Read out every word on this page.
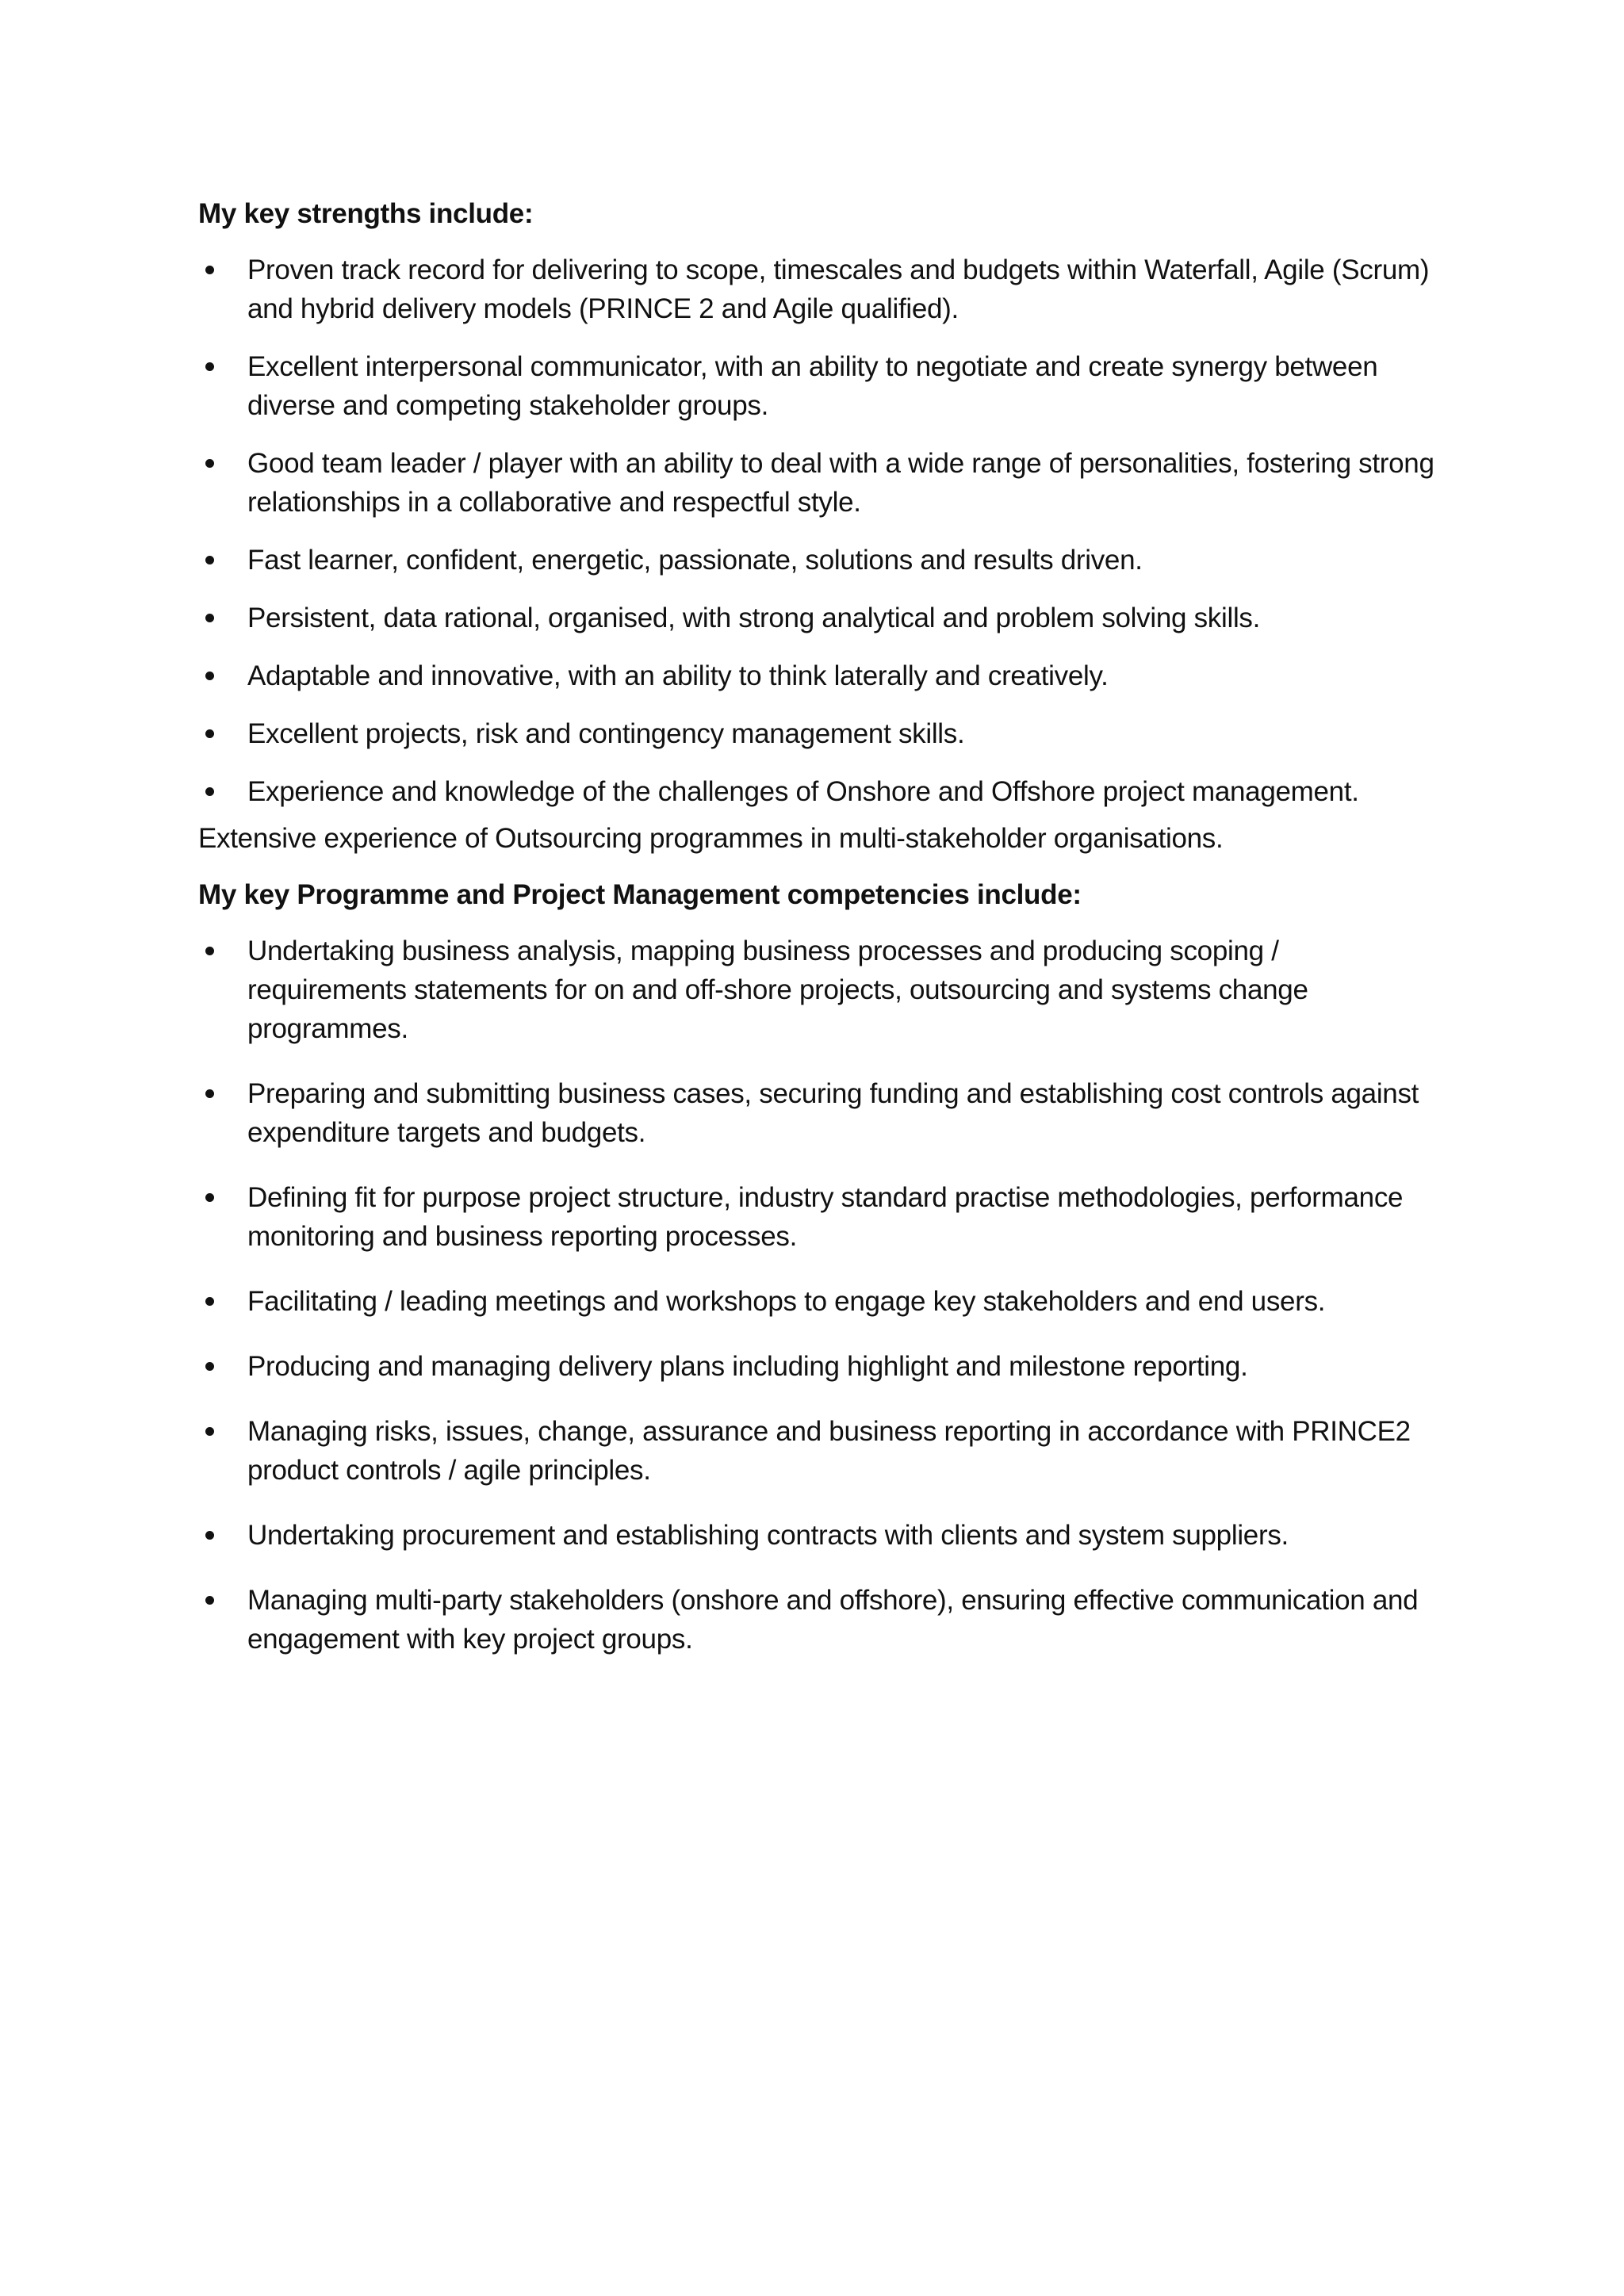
My key strengths include:
Proven track record for delivering to scope, timescales and budgets within Waterfall, Agile (Scrum) and hybrid delivery models (PRINCE 2 and Agile qualified).
Excellent interpersonal communicator, with an ability to negotiate and create synergy between diverse and competing stakeholder groups.
Good team leader / player with an ability to deal with a wide range of personalities, fostering strong relationships in a collaborative and respectful style.
Fast learner, confident, energetic, passionate, solutions and results driven.
Persistent, data rational, organised, with strong analytical and problem solving skills.
Adaptable and innovative, with an ability to think laterally and creatively.
Excellent projects, risk and contingency management skills.
Experience and knowledge of the challenges of Onshore and Offshore project management.
Extensive experience of Outsourcing programmes in multi-stakeholder organisations.
My key Programme and Project Management competencies include:
Undertaking business analysis, mapping business processes and producing scoping / requirements statements for on and off-shore projects, outsourcing and systems change programmes.
Preparing and submitting business cases, securing funding and establishing cost controls against expenditure targets and budgets.
Defining fit for purpose project structure, industry standard practise methodologies, performance monitoring and business reporting processes.
Facilitating / leading meetings and workshops to engage key stakeholders and end users.
Producing and managing delivery plans including highlight and milestone reporting.
Managing risks, issues, change, assurance and business reporting in accordance with PRINCE2 product controls / agile principles.
Undertaking procurement and establishing contracts with clients and system suppliers.
Managing multi-party stakeholders (onshore and offshore), ensuring effective communication and engagement with key project groups.
